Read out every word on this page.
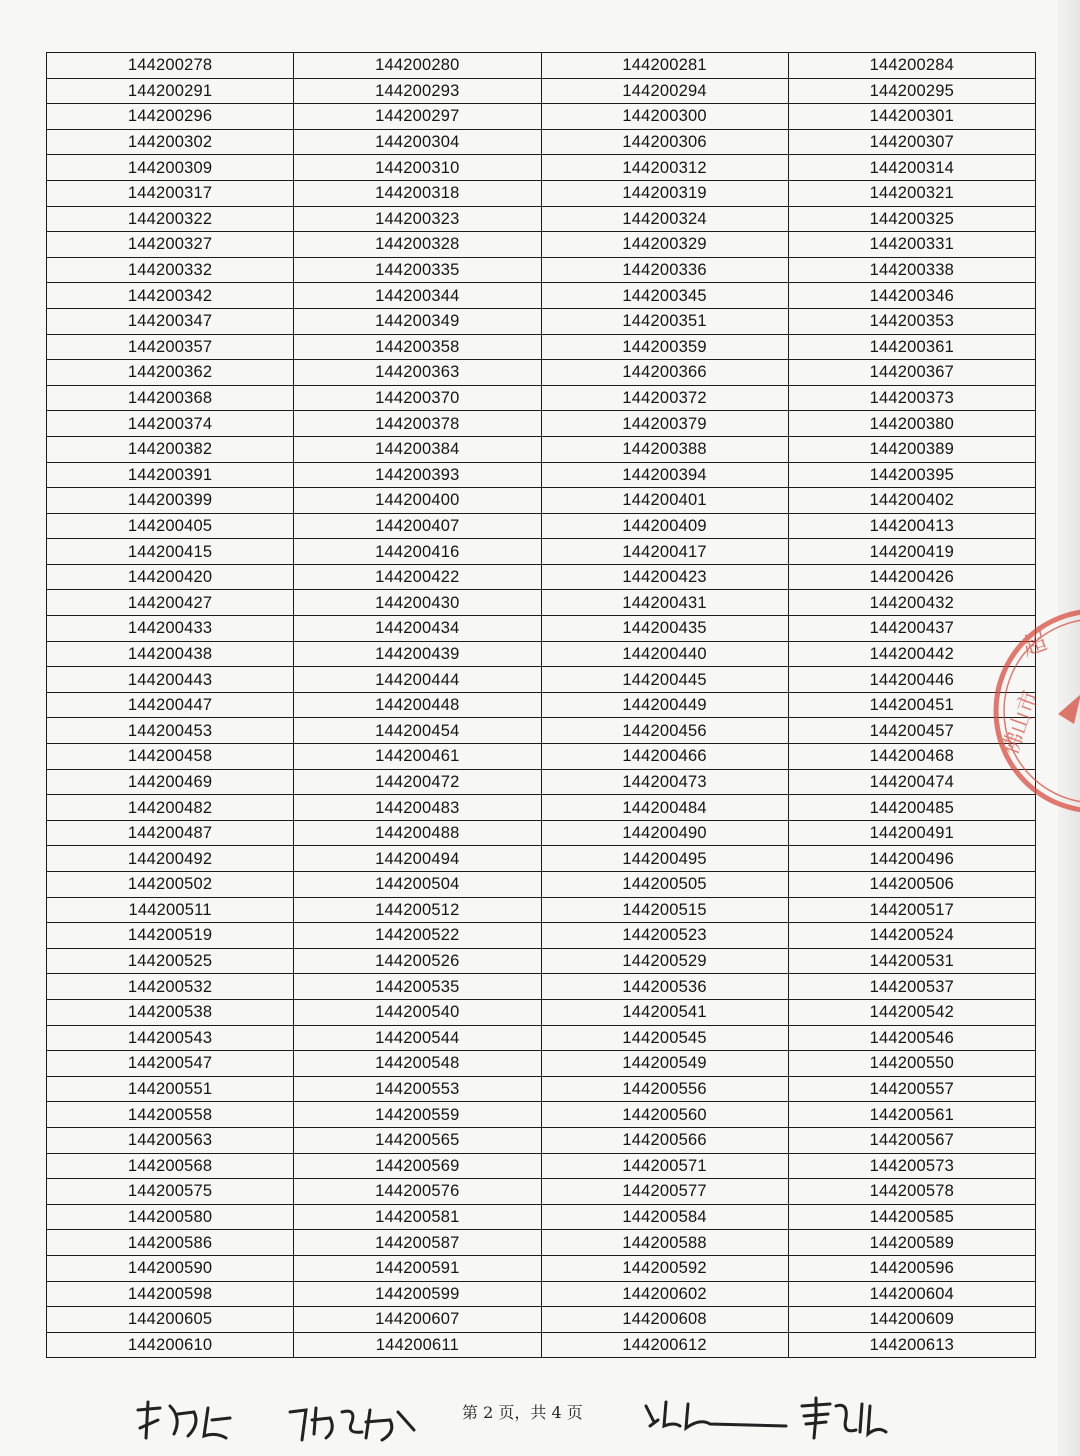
144200278	144200280	144200281	144200284
144200291	144200293	144200294	144200295
144200296	144200297	144200300	144200301
144200302	144200304	144200306	144200307
144200309	144200310	144200312	144200314
144200317	144200318	144200319	144200321
144200322	144200323	144200324	144200325
144200327	144200328	144200329	144200331
144200332	144200335	144200336	144200338
144200342	144200344	144200345	144200346
144200347	144200349	144200351	144200353
144200357	144200358	144200359	144200361
144200362	144200363	144200366	144200367
144200368	144200370	144200372	144200373
144200374	144200378	144200379	144200380
144200382	144200384	144200388	144200389
144200391	144200393	144200394	144200395
144200399	144200400	144200401	144200402
144200405	144200407	144200409	144200413
144200415	144200416	144200417	144200419
144200420	144200422	144200423	144200426
144200427	144200430	144200431	144200432
144200433	144200434	144200435	144200437
144200438	144200439	144200440	144200442
144200443	144200444	144200445	144200446
144200447	144200448	144200449	144200451
144200453	144200454	144200456	144200457
144200458	144200461	144200466	144200468
144200469	144200472	144200473	144200474
144200482	144200483	144200484	144200485
144200487	144200488	144200490	144200491
144200492	144200494	144200495	144200496
144200502	144200504	144200505	144200506
144200511	144200512	144200515	144200517
144200519	144200522	144200523	144200524
144200525	144200526	144200529	144200531
144200532	144200535	144200536	144200537
144200538	144200540	144200541	144200542
144200543	144200544	144200545	144200546
144200547	144200548	144200549	144200550
144200551	144200553	144200556	144200557
144200558	144200559	144200560	144200561
144200563	144200565	144200566	144200567
144200568	144200569	144200571	144200573
144200575	144200576	144200577	144200578
144200580	144200581	144200584	144200585
144200586	144200587	144200588	144200589
144200590	144200591	144200592	144200596
144200598	144200599	144200602	144200604
144200605	144200607	144200608	144200609
144200610	144200611	144200612	144200613
佛山市
超
第 2 页，共 4 页
